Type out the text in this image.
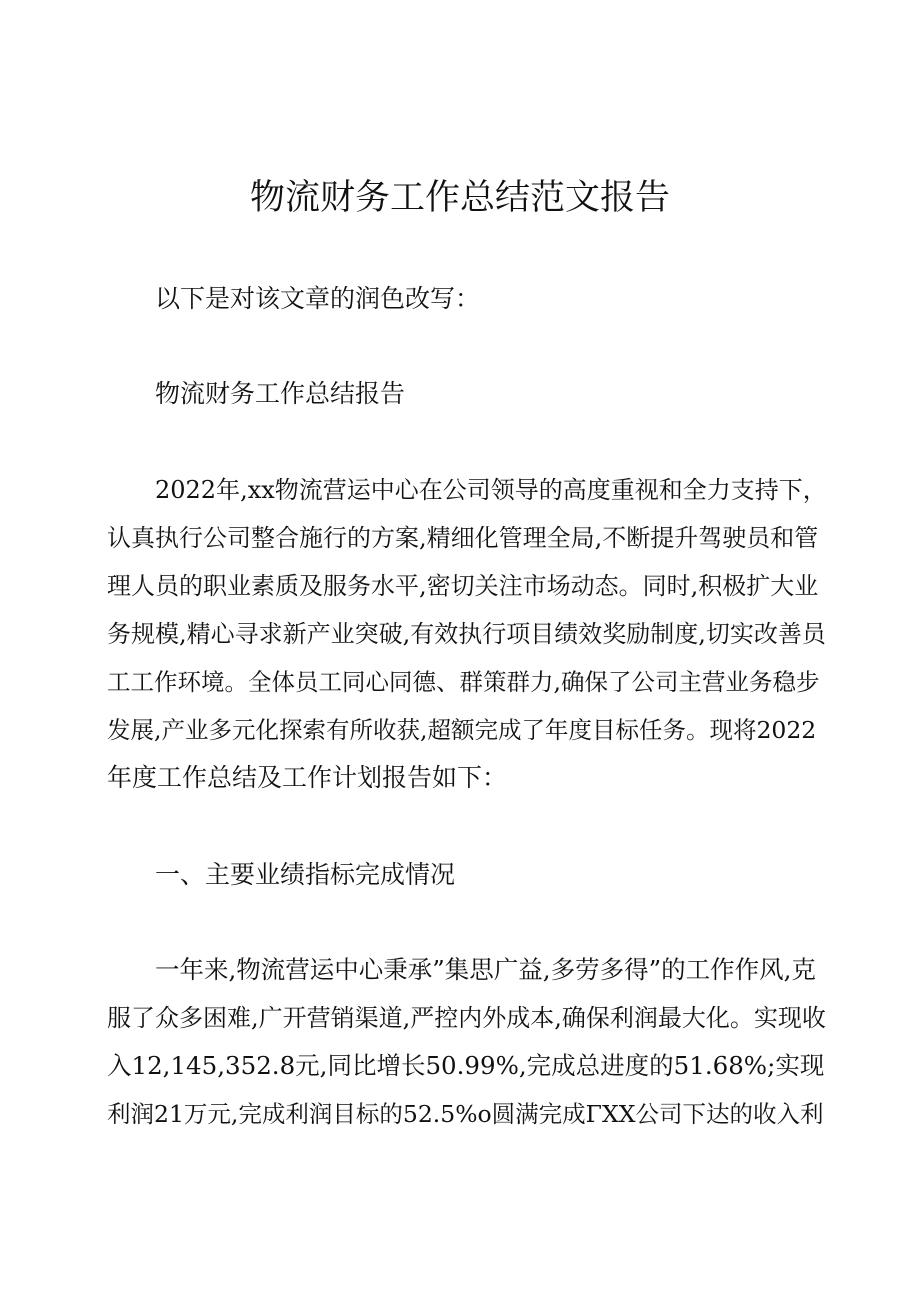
物流财务工作总结范文报告

以下是对该文章的润色改写：

物流财务工作总结报告

2022年,xx物流营运中心在公司领导的高度重视和全力支持下，

认真执行公司整合施行的方案,精细化管理全局,不断提升驾驶员和管

理人员的职业素质及服务水平,密切关注市场动态。同时,积极扩大业

务规模,精心寻求新产业突破,有效执行项目绩效奖励制度,切实改善员

工工作环境。全体员工同心同德、群策群力,确保了公司主营业务稳步

发展,产业多元化探索有所收获,超额完成了年度目标任务。现将2022

年度工作总结及工作计划报告如下：

一、主要业绩指标完成情况

一年来,物流营运中心秉承”集思广益,多劳多得”的工作作风,克

服了众多困难,广开营销渠道,严控内外成本,确保利润最大化。实现收

入12,145,352.8元,同比增长50.99%,完成总进度的51.68%;实现

利润21万元,完成利润目标的52.5%o圆满完成ΓXX公司下达的收入利
